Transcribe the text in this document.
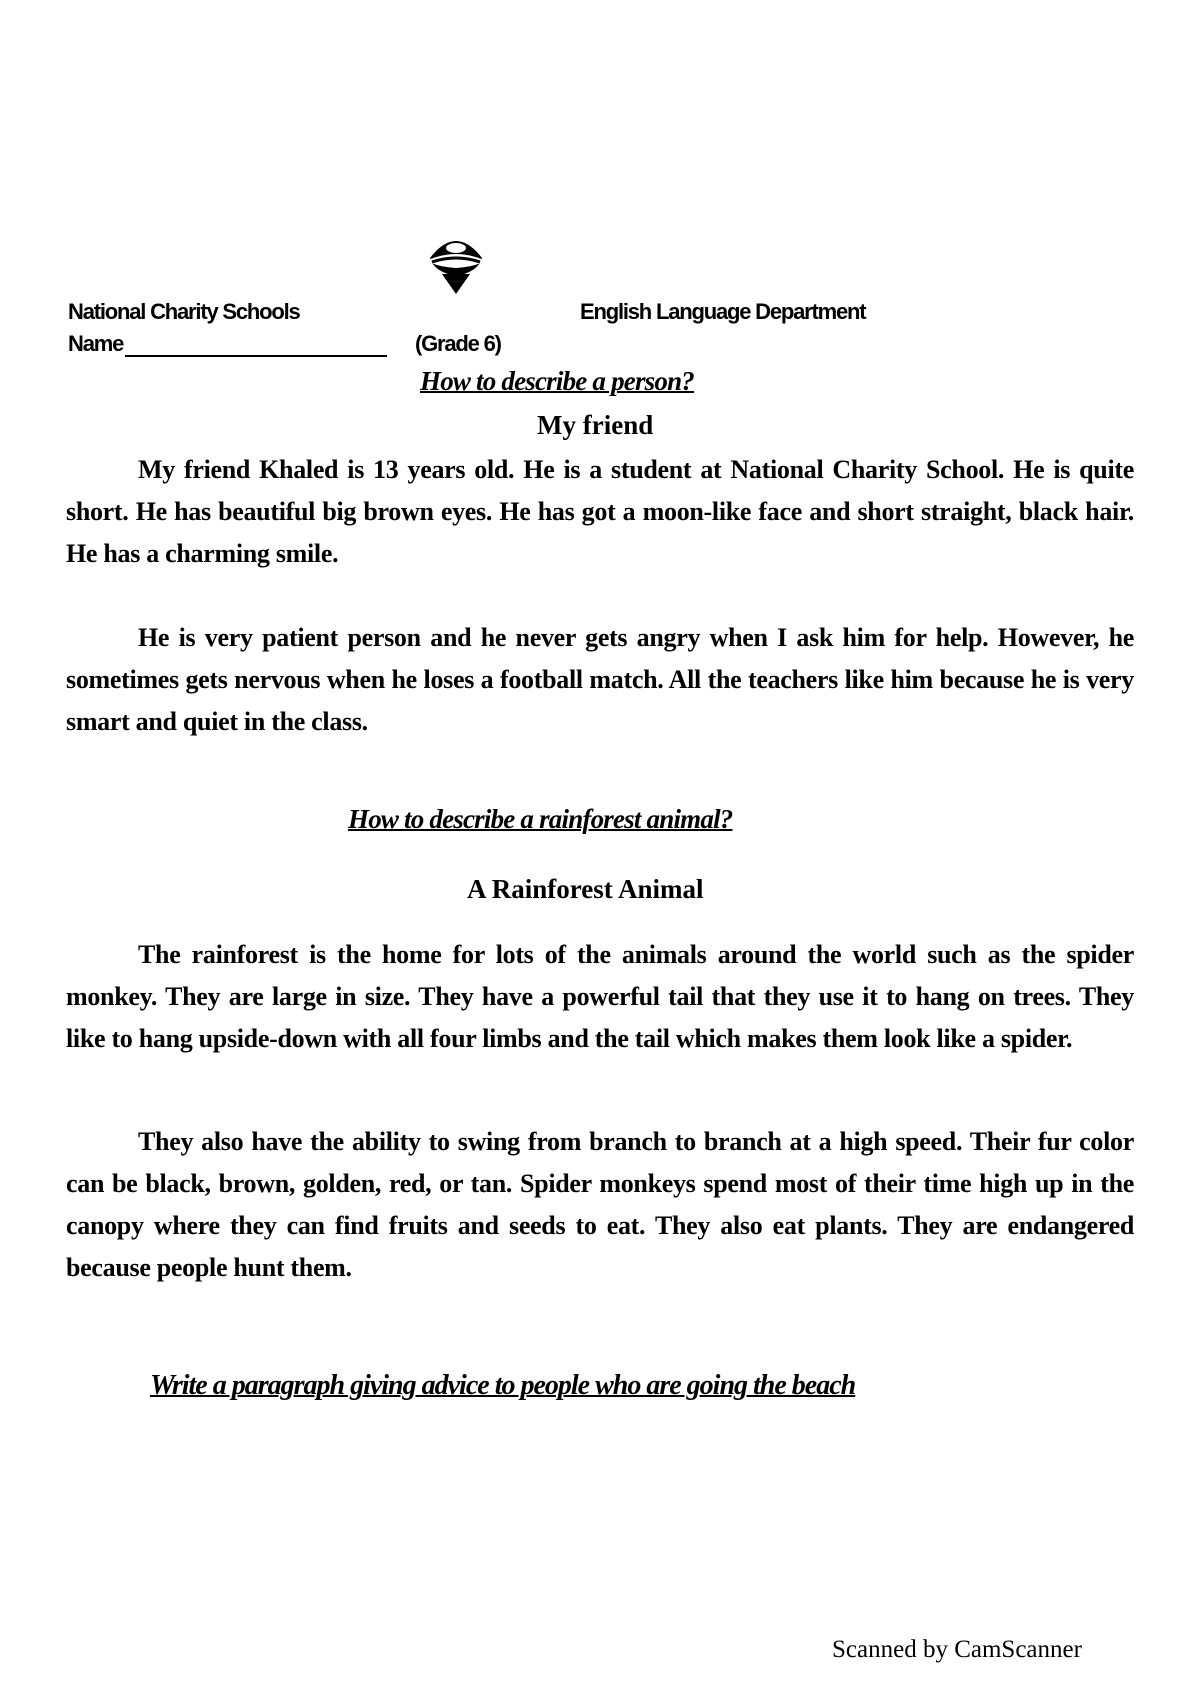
National Charity Schools	English Language Department
Name	(Grade 6)
How to describe a person?
My friend

My friend Khaled is 13 years old. He is a student at National Charity School. He is quite short. He has beautiful big brown eyes. He has got a moon-like face and short straight, black hair. He has a charming smile.

He is very patient person and he never gets angry when I ask him for help. However, he sometimes gets nervous when he loses a football match. All the teachers like him because he is very smart and quiet in the class.

How to describe a rainforest animal?
A Rainforest Animal

The rainforest is the home for lots of the animals around the world such as the spider monkey. They are large in size. They have a powerful tail that they use it to hang on trees. They like to hang upside-down with all four limbs and the tail which makes them look like a spider.

They also have the ability to swing from branch to branch at a high speed. Their fur color can be black, brown, golden, red, or tan. Spider monkeys spend most of their time high up in the canopy where they can find fruits and seeds to eat. They also eat plants. They are endangered because people hunt them.

Write a paragraph giving advice to people who are going the beach
Scanned by CamScanner
